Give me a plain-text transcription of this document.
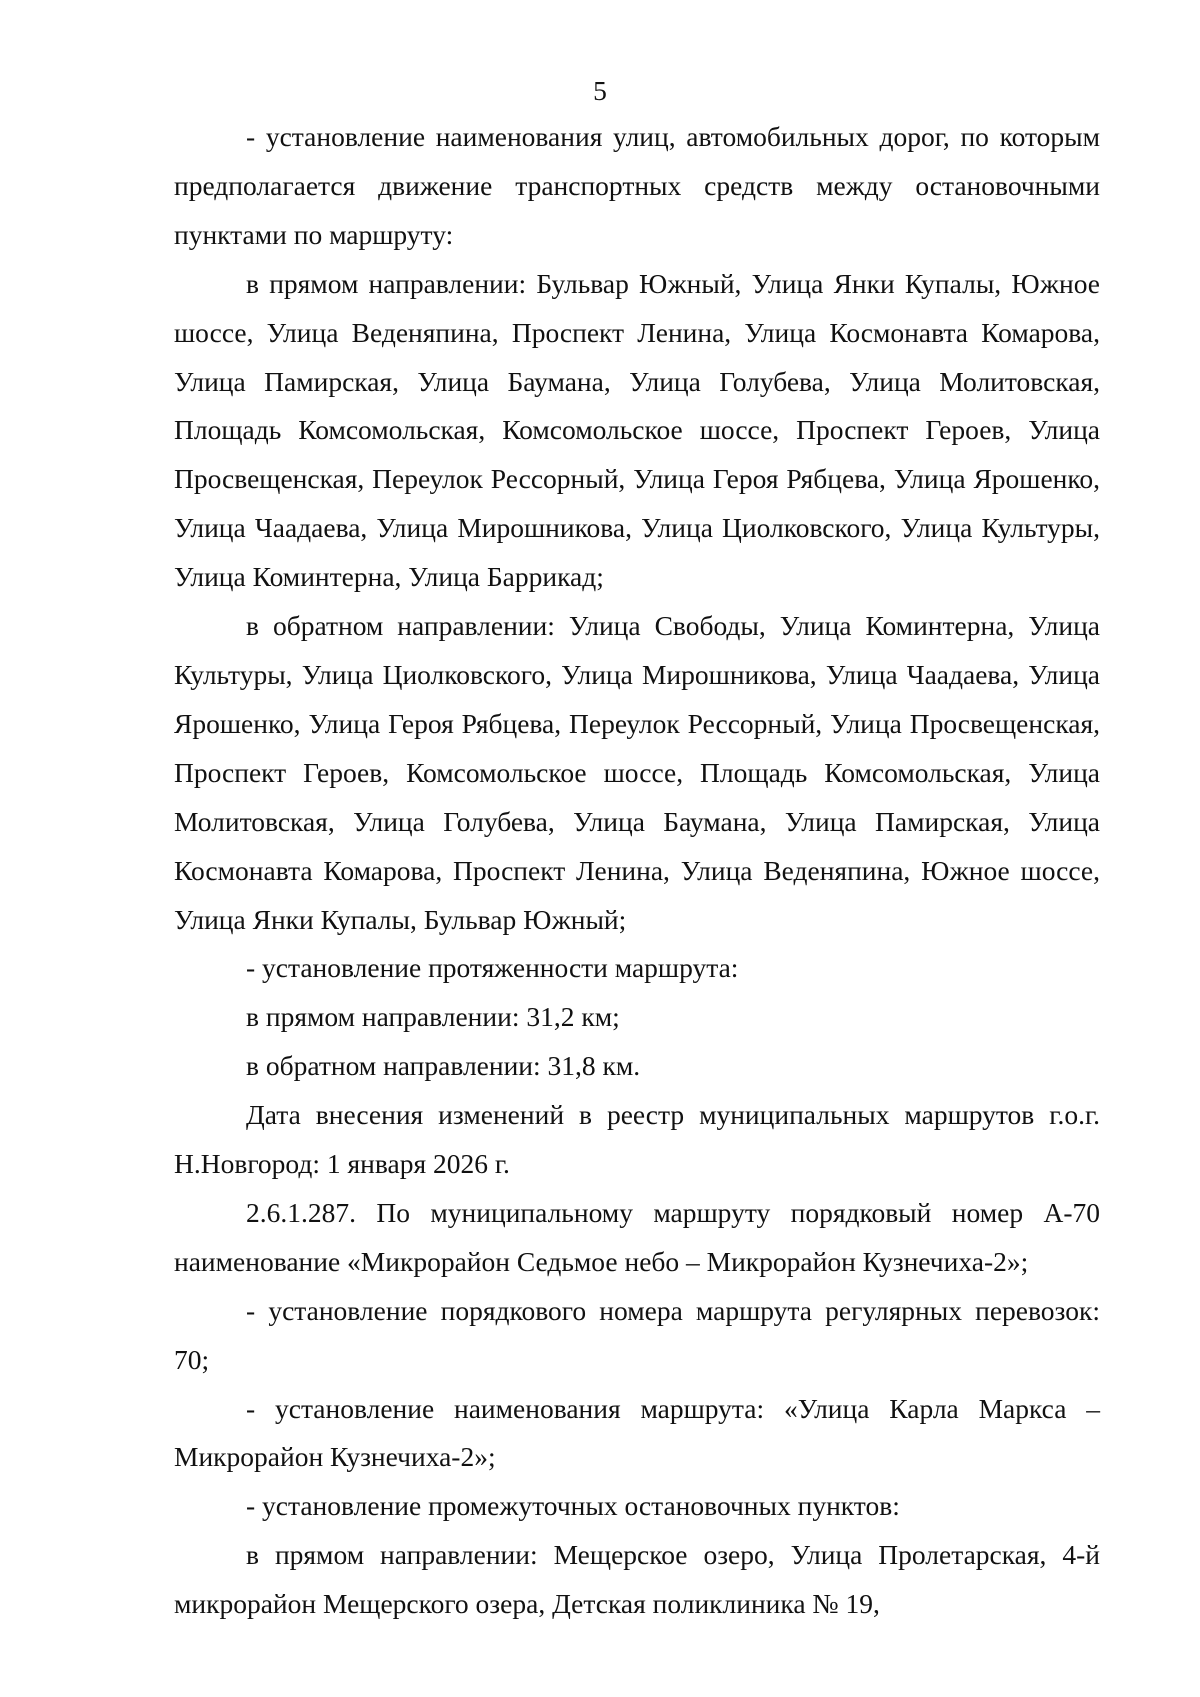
5

- установление наименования улиц, автомобильных дорог, по которым предполагается движение транспортных средств между остановочными пунктами по маршруту:

в прямом направлении: Бульвар Южный, Улица Янки Купалы, Южное шоссе, Улица Веденяпина, Проспект Ленина, Улица Космонавта Комарова, Улица Памирская, Улица Баумана, Улица Голубева, Улица Молитовская, Площадь Комсомольская, Комсомольское шоссе, Проспект Героев, Улица Просвещенская, Переулок Рессорный, Улица Героя Рябцева, Улица Ярошенко, Улица Чаадаева, Улица Мирошникова, Улица Циолковского, Улица Культуры, Улица Коминтерна, Улица Баррикад;

в обратном направлении: Улица Свободы, Улица Коминтерна, Улица Культуры, Улица Циолковского, Улица Мирошникова, Улица Чаадаева, Улица Ярошенко, Улица Героя Рябцева, Переулок Рессорный, Улица Просвещенская, Проспект Героев, Комсомольское шоссе, Площадь Комсомольская, Улица Молитовская, Улица Голубева, Улица Баумана, Улица Памирская, Улица Космонавта Комарова, Проспект Ленина, Улица Веденяпина, Южное шоссе, Улица Янки Купалы, Бульвар Южный;

- установление протяженности маршрута:

в прямом направлении: 31,2 км;

в обратном направлении: 31,8 км.

Дата внесения изменений в реестр муниципальных маршрутов г.о.г. Н.Новгород: 1 января 2026 г.

2.6.1.287. По муниципальному маршруту порядковый номер А-70 наименование «Микрорайон Седьмое небо – Микрорайон Кузнечиха-2»;

- установление порядкового номера маршрута регулярных перевозок: 70;

- установление наименования маршрута: «Улица Карла Маркса – Микрорайон Кузнечиха-2»;

- установление промежуточных остановочных пунктов:

в прямом направлении: Мещерское озеро, Улица Пролетарская, 4-й микрорайон Мещерского озера, Детская поликлиника № 19,
